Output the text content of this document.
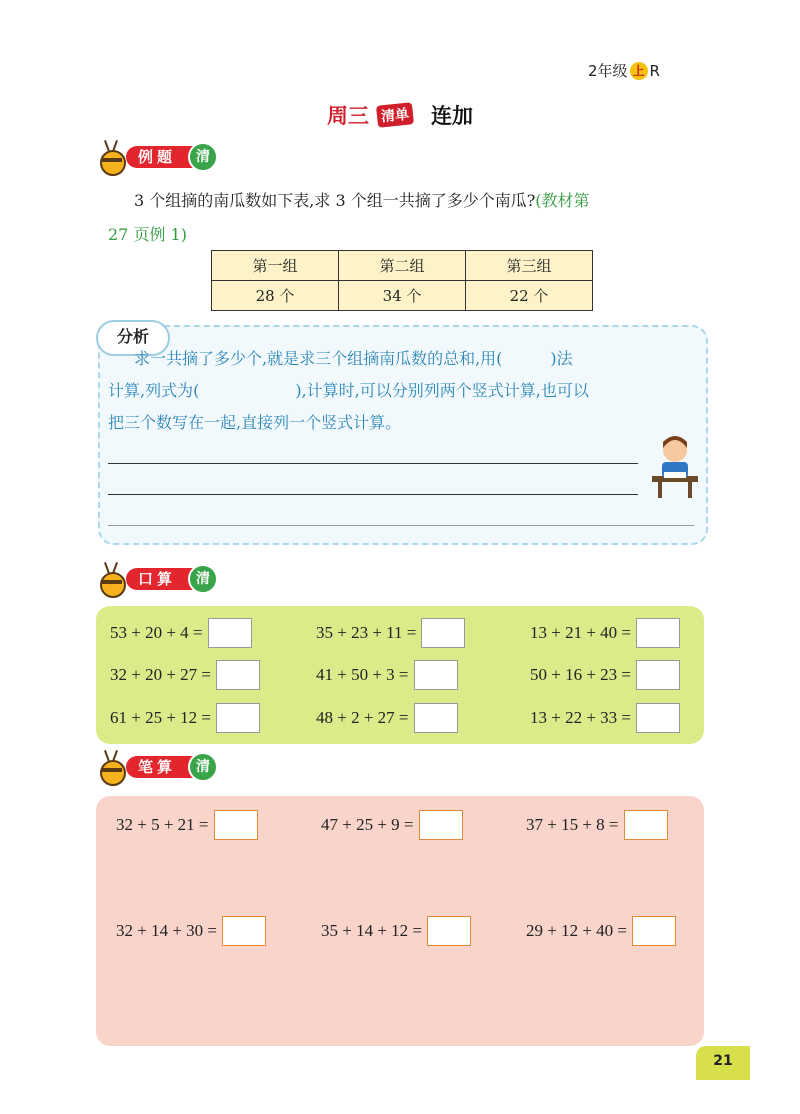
2年级 上 R
周三 清单 连加
例题	清
3 个组摘的南瓜数如下表,求 3 个组一共摘了多少个南瓜?(教材第
27 页例 1)
第一组	第二组	第三组
28 个	34 个	22 个
分析
求一共摘了多少个,就是求三个组摘南瓜数的总和,用(　　　)法
计算,列式为(　　　　　　),计算时,可以分别列两个竖式计算,也可以
把三个数写在一起,直接列一个竖式计算。
口算	清
53 + 20 + 4 =	35 + 23 + 11 =	13 + 21 + 40 =
32 + 20 + 27 =	41 + 50 + 3 =	50 + 16 + 23 =
61 + 25 + 12 =	48 + 2 + 27 =	13 + 22 + 33 =
笔算	清
32 + 5 + 21 =	47 + 25 + 9 =	37 + 15 + 8 =
32 + 14 + 30 =	35 + 14 + 12 =	29 + 12 + 40 =
21
